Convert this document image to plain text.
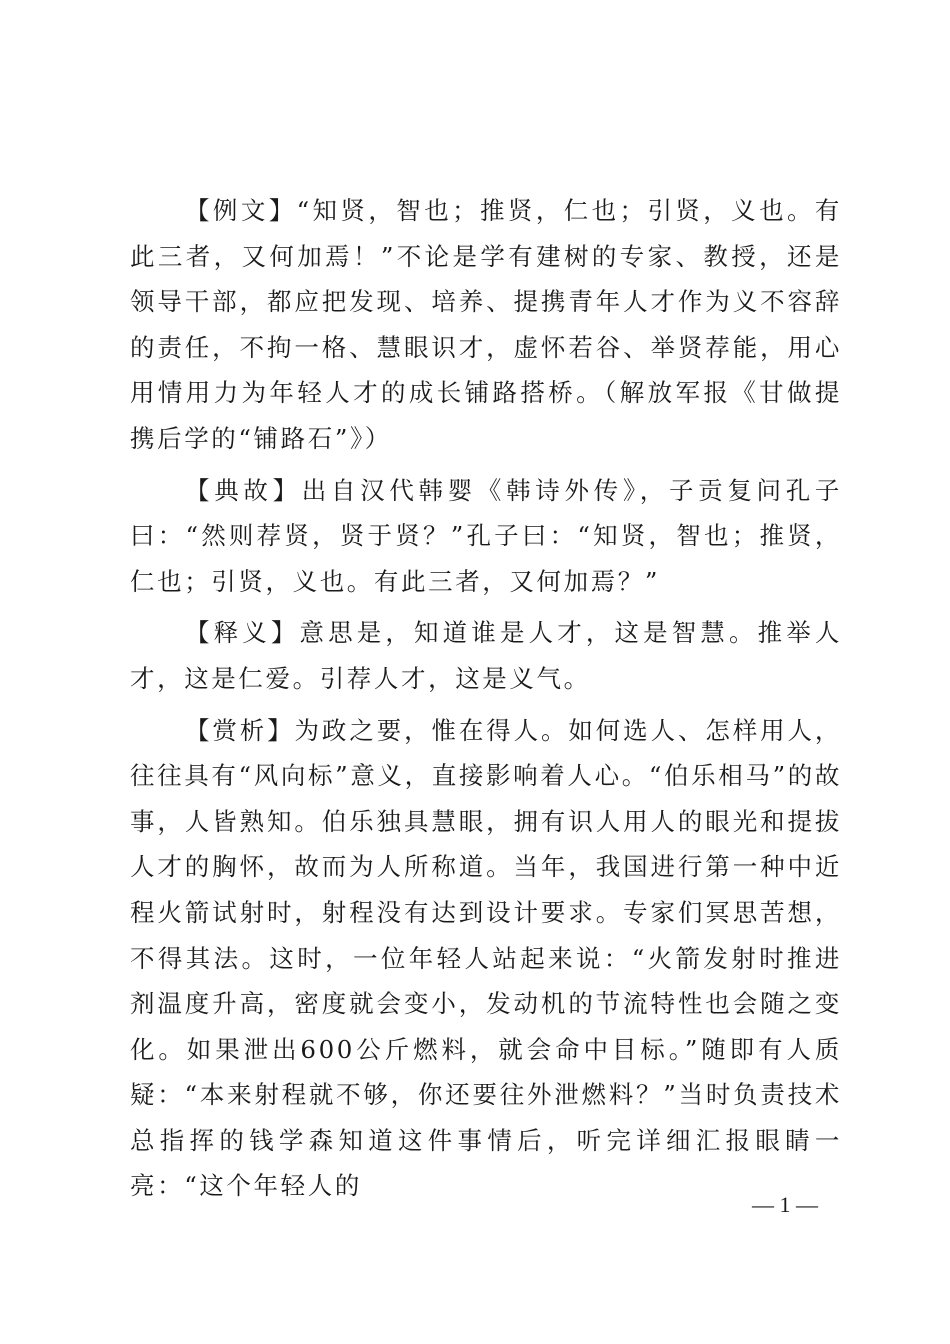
【例文】“知贤，智也；推贤，仁也；引贤，义也。有此三者，又何加焉！”不论是学有建树的专家、教授，还是领导干部，都应把发现、培养、提携青年人才作为义不容辞的责任，不拘一格、慧眼识才，虚怀若谷、举贤荐能，用心用情用力为年轻人才的成长铺路搭桥。（解放军报《甘做提携后学的“铺路石”》）

【典故】出自汉代韩婴《韩诗外传》，子贡复问孔子曰：“然则荐贤，贤于贤？”孔子曰：“知贤，智也；推贤，仁也；引贤，义也。有此三者，又何加焉？”

【释义】意思是，知道谁是人才，这是智慧。推举人才，这是仁爱。引荐人才，这是义气。

【赏析】为政之要，惟在得人。如何选人、怎样用人，往往具有“风向标”意义，直接影响着人心。“伯乐相马”的故事，人皆熟知。伯乐独具慧眼，拥有识人用人的眼光和提拔人才的胸怀，故而为人所称道。当年，我国进行第一种中近程火箭试射时，射程没有达到设计要求。专家们冥思苦想，不得其法。这时，一位年轻人站起来说：“火箭发射时推进剂温度升高，密度就会变小，发动机的节流特性也会随之变化。如果泄出600公斤燃料，就会命中目标。”随即有人质疑：“本来射程就不够，你还要往外泄燃料？”当时负责技术总指挥的钱学森知道这件事情后，听完详细汇报眼睛一亮：“这个年轻人的

— 1 —
